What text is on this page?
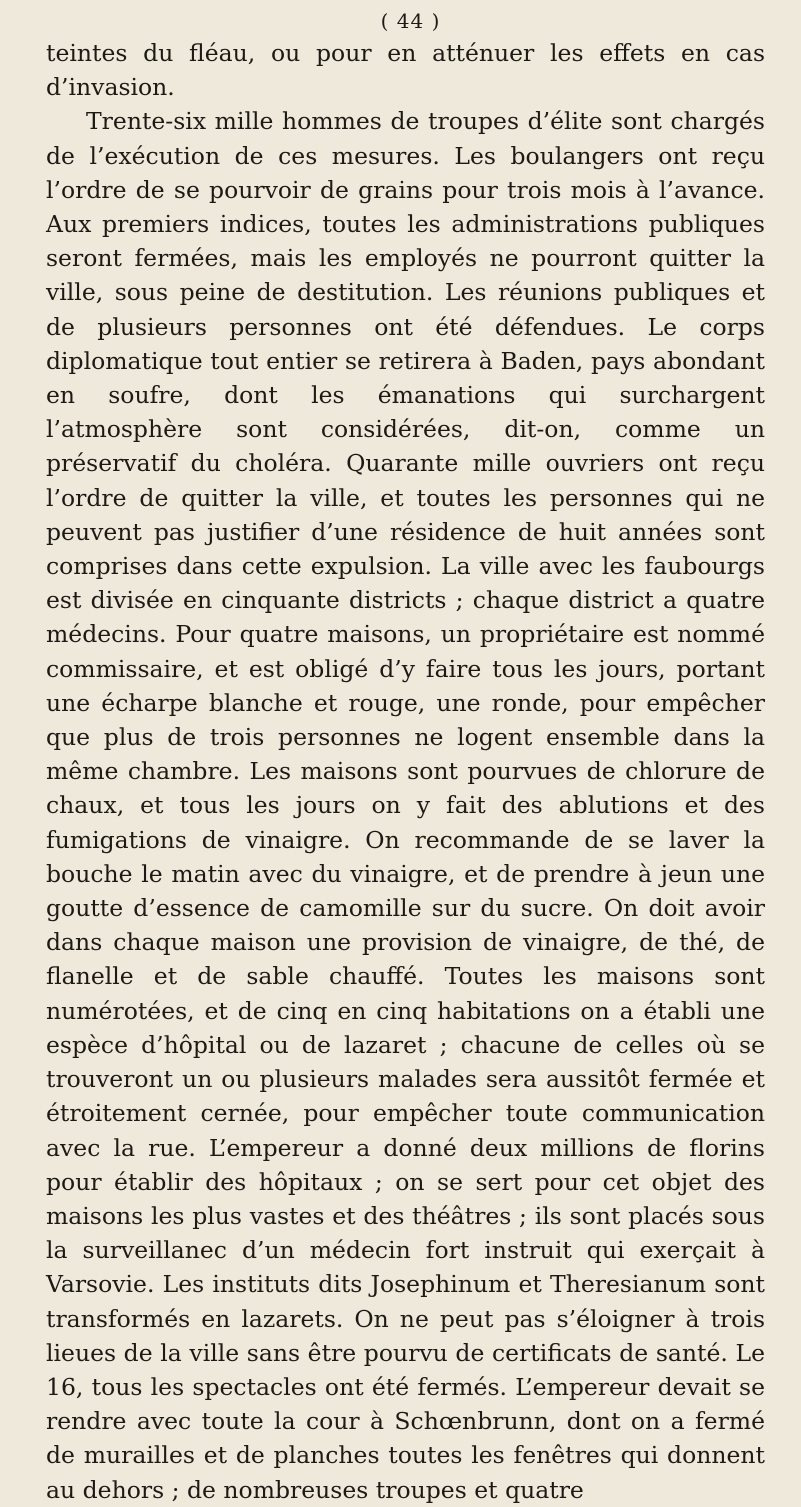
( 44 )

teintes du fléau, ou pour en atténuer les effets en cas d’invasion.

Trente-six mille hommes de troupes d’élite sont chargés de l’exécution de ces mesures. Les boulangers ont reçu l’ordre de se pourvoir de grains pour trois mois à l’avance. Aux premiers indices, toutes les administrations publiques seront fermées, mais les employés ne pourront quitter la ville, sous peine de destitution. Les réunions publiques et de plusieurs personnes ont été défendues. Le corps diplomatique tout entier se retirera à Baden, pays abondant en soufre, dont les émanations qui surchargent l’atmosphère sont considérées, dit-on, comme un préservatif du choléra. Quarante mille ouvriers ont reçu l’ordre de quitter la ville, et toutes les personnes qui ne peuvent pas justifier d’une résidence de huit années sont comprises dans cette expulsion. La ville avec les faubourgs est divisée en cinquante districts ; chaque district a quatre médecins. Pour quatre maisons, un propriétaire est nommé commissaire, et est obligé d’y faire tous les jours, portant une écharpe blanche et rouge, une ronde, pour empêcher que plus de trois personnes ne logent ensemble dans la même chambre. Les maisons sont pourvues de chlorure de chaux, et tous les jours on y fait des ablutions et des fumigations de vinaigre. On recommande de se laver la bouche le matin avec du vinaigre, et de prendre à jeun une goutte d’essence de camomille sur du sucre. On doit avoir dans chaque maison une provision de vinaigre, de thé, de flanelle et de sable chauffé. Toutes les maisons sont numérotées, et de cinq en cinq habitations on a établi une espèce d’hôpital ou de lazaret ; chacune de celles où se trouveront un ou plusieurs malades sera aussitôt fermée et étroitement cernée, pour empêcher toute communication avec la rue. L’empereur a donné deux millions de florins pour établir des hôpitaux ; on se sert pour cet objet des maisons les plus vastes et des théâtres ; ils sont placés sous la surveillanec d’un médecin fort instruit qui exerçait à Varsovie. Les instituts dits Josephinum et Theresianum sont transformés en lazarets. On ne peut pas s’éloigner à trois lieues de la ville sans être pourvu de certificats de santé. Le 16, tous les spectacles ont été fermés. L’empereur devait se rendre avec toute la cour à Schœnbrunn, dont on a fermé de murailles et de planches toutes les fenêtres qui donnent au dehors ; de nombreuses troupes et quatre
